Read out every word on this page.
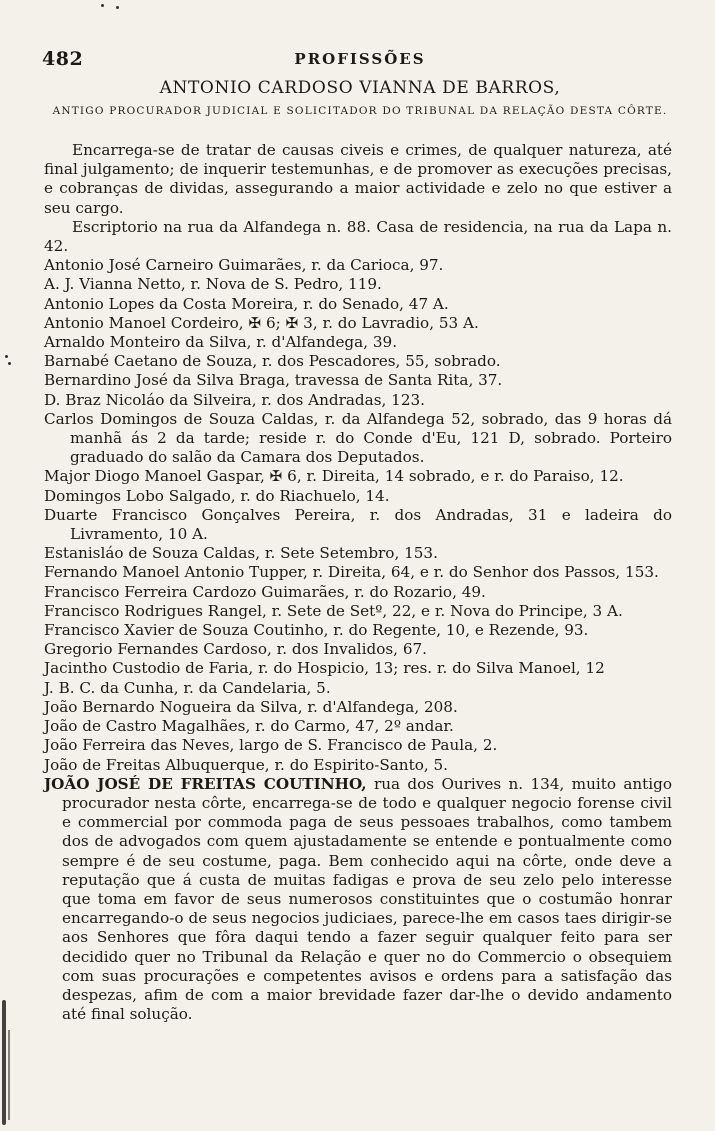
482	PROFISSÕES
ANTONIO CARDOSO VIANNA DE BARROS,
ANTIGO PROCURADOR JUDICIAL E SOLICITADOR DO TRIBUNAL DA RELAÇÃO DESTA CÔRTE.

Encarrega-se de tratar de causas civeis e crimes, de qualquer natureza, até final julgamento; de inquerir testemunhas, e de promover as execuções precisas, e cobranças de dividas, assegurando a maior actividade e zelo no que estiver a seu cargo.

Escriptorio na rua da Alfandega n. 88. Casa de residencia, na rua da Lapa n. 42.

Antonio José Carneiro Guimarães, r. da Carioca, 97.

A. J. Vianna Netto, r. Nova de S. Pedro, 119.

Antonio Lopes da Costa Moreira, r. do Senado, 47 A.

Antonio Manoel Cordeiro, ✠ 6; ✠ 3, r. do Lavradio, 53 A.

Arnaldo Monteiro da Silva, r. d'Alfandega, 39.

Barnabé Caetano de Souza, r. dos Pescadores, 55, sobrado.

Bernardino José da Silva Braga, travessa de Santa Rita, 37.

D. Braz Nicoláo da Silveira, r. dos Andradas, 123.

Carlos Domingos de Souza Caldas, r. da Alfandega 52, sobrado, das 9 horas dá manhã ás 2 da tarde; reside r. do Conde d'Eu, 121 D, sobrado. Porteiro graduado do salão da Camara dos Deputados.

Major Diogo Manoel Gaspar, ✠ 6, r. Direita, 14 sobrado, e r. do Paraiso, 12.

Domingos Lobo Salgado, r. do Riachuelo, 14.

Duarte Francisco Gonçalves Pereira, r. dos Andradas, 31 e ladeira do Livramento, 10 A.

Estanisláo de Souza Caldas, r. Sete Setembro, 153.

Fernando Manoel Antonio Tupper, r. Direita, 64, e r. do Senhor dos Passos, 153.

Francisco Ferreira Cardozo Guimarães, r. do Rozario, 49.

Francisco Rodrigues Rangel, r. Sete de Setº, 22, e r. Nova do Principe, 3 A.

Francisco Xavier de Souza Coutinho, r. do Regente, 10, e Rezende, 93.

Gregorio Fernandes Cardoso, r. dos Invalidos, 67.

Jacintho Custodio de Faria, r. do Hospicio, 13; res. r. do Silva Manoel, 12

J. B. C. da Cunha, r. da Candelaria, 5.

João Bernardo Nogueira da Silva, r. d'Alfandega, 208.

João de Castro Magalhães, r. do Carmo, 47, 2º andar.

João Ferreira das Neves, largo de S. Francisco de Paula, 2.

João de Freitas Albuquerque, r. do Espirito-Santo, 5.

JOÃO JOSÉ DE FREITAS COUTINHO, rua dos Ourives n. 134, muito antigo procurador nesta côrte, encarrega-se de todo e qualquer negocio forense civil e commercial por commoda paga de seus pessoaes trabalhos, como tambem dos de advogados com quem ajustadamente se entende e pontualmente como sempre é de seu costume, paga. Bem conhecido aqui na côrte, onde deve a reputação que á custa de muitas fadigas e prova de seu zelo pelo interesse que toma em favor de seus numerosos constituintes que o costumão honrar encarregando-o de seus negocios judiciaes, parece-lhe em casos taes dirigir-se aos Senhores que fôra daqui tendo a fazer seguir qualquer feito para ser decidido quer no Tribunal da Relação e quer no do Commercio o obsequiem com suas procurações e competentes avisos e ordens para a satisfação das despezas, afim de com a maior brevidade fazer dar-lhe o devido andamento até final solução.
